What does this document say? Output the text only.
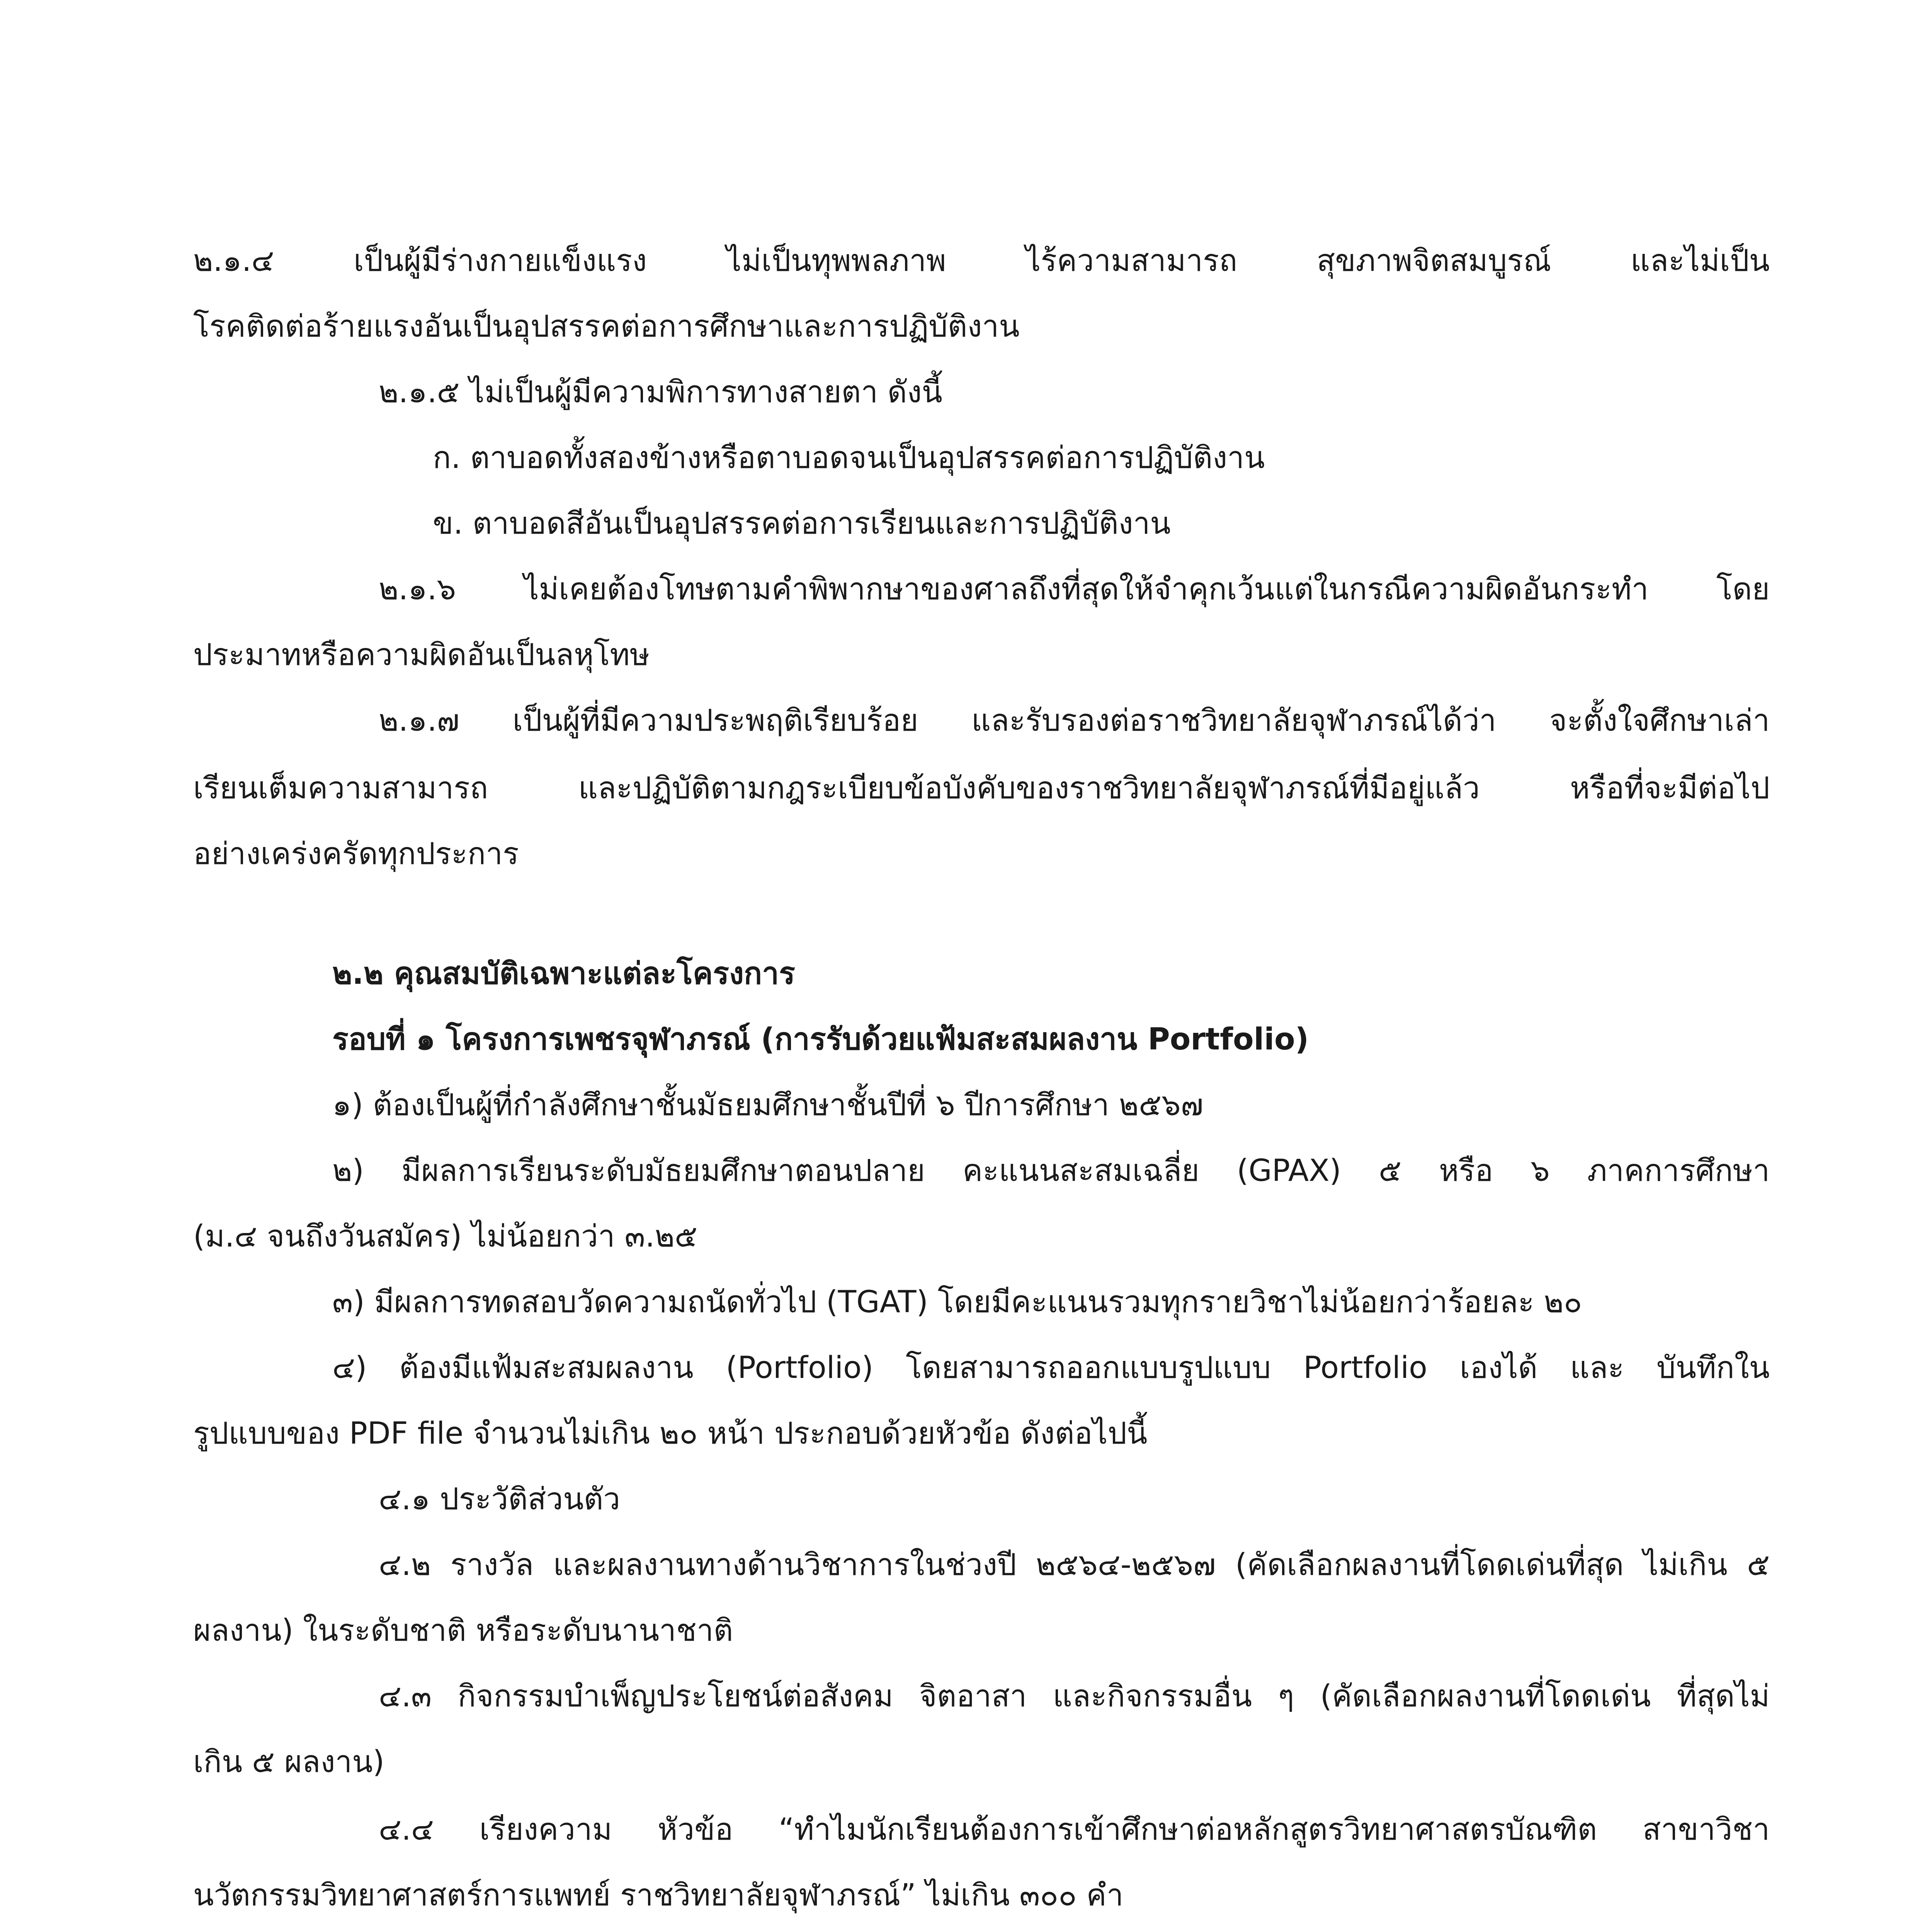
๒.๑.๔ เป็นผู้มีร่างกายแข็งแรง ไม่เป็นทุพพลภาพ ไร้ความสามารถ สุขภาพจิตสมบูรณ์ และไม่เป็น

โรคติดต่อร้ายแรงอันเป็นอุปสรรคต่อการศึกษาและการปฏิบัติงาน

๒.๑.๕ ไม่เป็นผู้มีความพิการทางสายตา ดังนี้

ก. ตาบอดทั้งสองข้างหรือตาบอดจนเป็นอุปสรรคต่อการปฏิบัติงาน

ข. ตาบอดสีอันเป็นอุปสรรคต่อการเรียนและการปฏิบัติงาน

๒.๑.๖ ไม่เคยต้องโทษตามคำพิพากษาของศาลถึงที่สุดให้จำคุกเว้นแต่ในกรณีความผิดอันกระทำ โดย

ประมาทหรือความผิดอันเป็นลหุโทษ

๒.๑.๗ เป็นผู้ที่มีความประพฤติเรียบร้อย และรับรองต่อราชวิทยาลัยจุฬาภรณ์ได้ว่า จะตั้งใจศึกษาเล่า

เรียนเต็มความสามารถ และปฏิบัติตามกฎระเบียบข้อบังคับของราชวิทยาลัยจุฬาภรณ์ที่มีอยู่แล้ว หรือที่จะมีต่อไป

อย่างเคร่งครัดทุกประการ

๒.๒ คุณสมบัติเฉพาะแต่ละโครงการ

รอบที่ ๑ โครงการเพชรจุฬาภรณ์ (การรับด้วยแฟ้มสะสมผลงาน Portfolio)

๑) ต้องเป็นผู้ที่กำลังศึกษาชั้นมัธยมศึกษาชั้นปีที่ ๖ ปีการศึกษา ๒๕๖๗

๒) มีผลการเรียนระดับมัธยมศึกษาตอนปลาย คะแนนสะสมเฉลี่ย (GPAX) ๕ หรือ ๖ ภาคการศึกษา

(ม.๔ จนถึงวันสมัคร) ไม่น้อยกว่า ๓.๒๕

๓) มีผลการทดสอบวัดความถนัดทั่วไป (TGAT) โดยมีคะแนนรวมทุกรายวิชาไม่น้อยกว่าร้อยละ ๒๐

๔) ต้องมีแฟ้มสะสมผลงาน (Portfolio) โดยสามารถออกแบบรูปแบบ Portfolio เองได้ และ บันทึกใน

รูปแบบของ PDF file จำนวนไม่เกิน ๒๐ หน้า ประกอบด้วยหัวข้อ ดังต่อไปนี้

๔.๑ ประวัติส่วนตัว

๔.๒ รางวัล และผลงานทางด้านวิชาการในช่วงปี ๒๕๖๔-๒๕๖๗ (คัดเลือกผลงานที่โดดเด่นที่สุด ไม่เกิน ๕

ผลงาน) ในระดับชาติ หรือระดับนานาชาติ

๔.๓ กิจกรรมบำเพ็ญประโยชน์ต่อสังคม จิตอาสา และกิจกรรมอื่น ๆ (คัดเลือกผลงานที่โดดเด่น ที่สุดไม่

เกิน ๕ ผลงาน)

๔.๔ เรียงความ หัวข้อ “ทำไมนักเรียนต้องการเข้าศึกษาต่อหลักสูตรวิทยาศาสตรบัณฑิต สาขาวิชา

นวัตกรรมวิทยาศาสตร์การแพทย์ ราชวิทยาลัยจุฬาภรณ์” ไม่เกิน ๓๐๐ คำ
